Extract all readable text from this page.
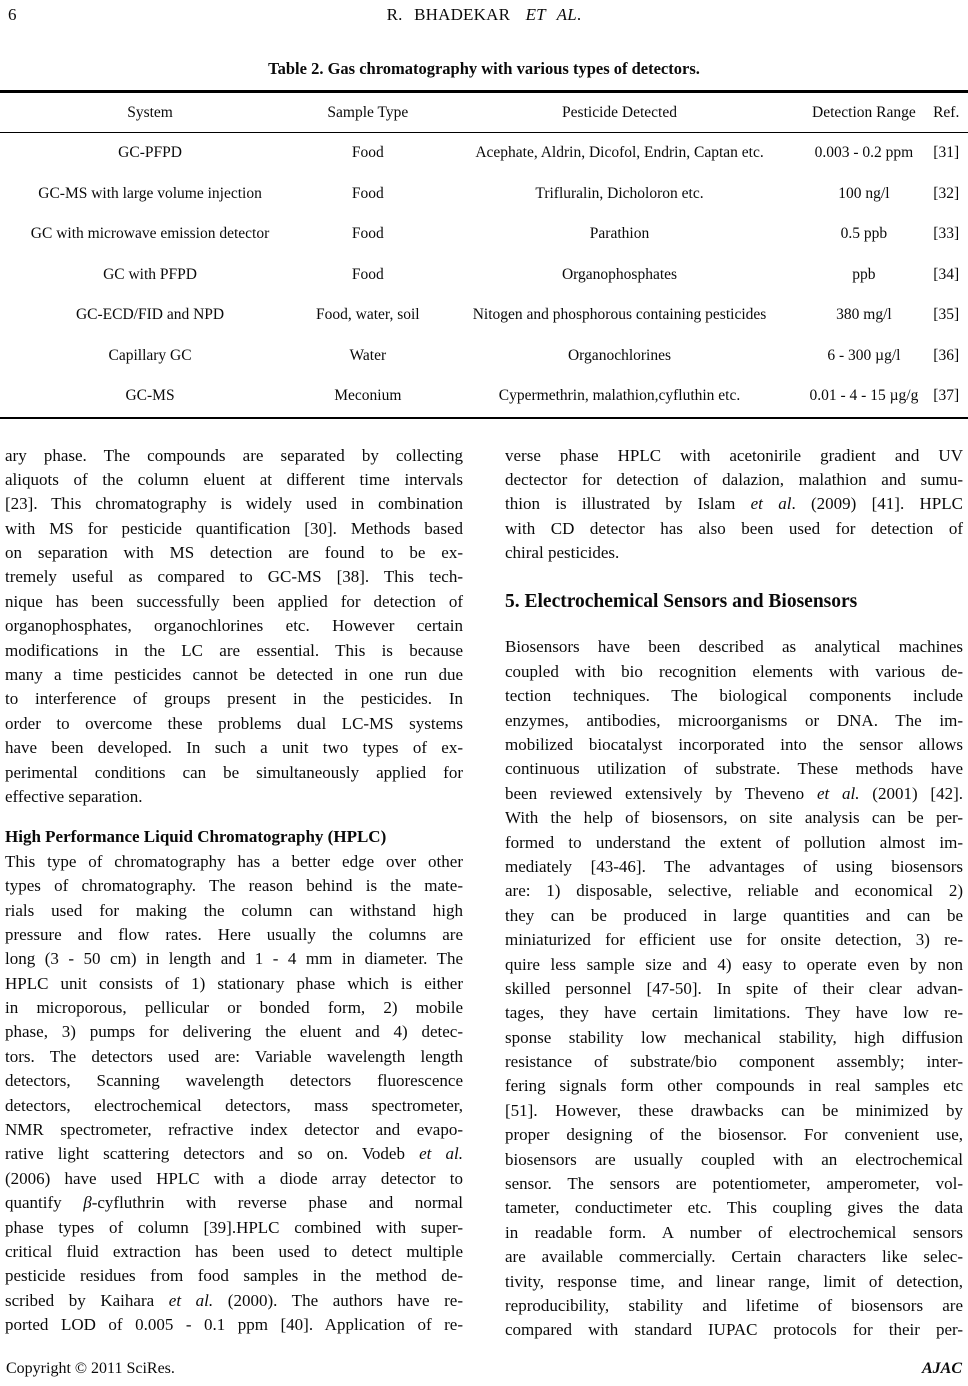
6	R. BHADEKAR ET AL.
Table 2. Gas chromatography with various types of detectors.
System	Sample Type	Pesticide Detected	Detection Range	Ref.
GC-PFPD	Food	Acephate, Aldrin, Dicofol, Endrin, Captan etc.	0.003 - 0.2 ppm	[31]
GC-MS with large volume injection	Food	Trifluralin, Dicholoron etc.	100 ng/l	[32]
GC with microwave emission detector	Food	Parathion	0.5 ppb	[33]
GC with PFPD	Food	Organophosphates	ppb	[34]
GC-ECD/FID and NPD	Food, water, soil	Nitogen and phosphorous containing pesticides	380 mg/l	[35]
Capillary GC	Water	Organochlorines	6 - 300 µg/l	[36]
GC-MS	Meconium	Cypermethrin, malathion,cyfluthin etc.	0.01 - 4 - 15 µg/g	[37]
ary phase. The compounds are separated by collecting
aliquots of the column eluent at different time intervals
[23]. This chromatography is widely used in combination
with MS for pesticide quantification [30]. Methods based
on separation with MS detection are found to be ex-
tremely useful as compared to GC-MS [38]. This tech-
nique has been successfully been applied for detection of
organophosphates, organochlorines etc. However certain
modifications in the LC are essential. This is because
many a time pesticides cannot be detected in one run due
to interference of groups present in the pesticides. In
order to overcome these problems dual LC-MS systems
have been developed. In such a unit two types of ex-
perimental conditions can be simultaneously applied for
effective separation.
High Performance Liquid Chromatography (HPLC)
This type of chromatography has a better edge over other
types of chromatography. The reason behind is the mate-
rials used for making the column can withstand high
pressure and flow rates. Here usually the columns are
long (3 - 50 cm) in length and 1 - 4 mm in diameter. The
HPLC unit consists of 1) stationary phase which is either
in microporous, pellicular or bonded form, 2) mobile
phase, 3) pumps for delivering the eluent and 4) detec-
tors. The detectors used are: Variable wavelength length
detectors, Scanning wavelength detectors fluorescence
detectors, electrochemical detectors, mass spectrometer,
NMR spectrometer, refractive index detector and evapo-
rative light scattering detectors and so on. Vodeb et al.
(2006) have used HPLC with a diode array detector to
quantify β-cyfluthrin with reverse phase and normal
phase types of column [39].HPLC combined with super-
critical fluid extraction has been used to detect multiple
pesticide residues from food samples in the method de-
scribed by Kaihara et al. (2000). The authors have re-
ported LOD of 0.005 - 0.1 ppm [40]. Application of re-
verse phase HPLC with acetonirile gradient and UV
dectector for detection of dalazion, malathion and sumu-
thion is illustrated by Islam et al. (2009) [41]. HPLC
with CD detector has also been used for detection of
chiral pesticides.
5. Electrochemical Sensors and Biosensors
Biosensors have been described as analytical machines
coupled with bio recognition elements with various de-
tection techniques. The biological components include
enzymes, antibodies, microorganisms or DNA. The im-
mobilized biocatalyst incorporated into the sensor allows
continuous utilization of substrate. These methods have
been reviewed extensively by Theveno et al. (2001) [42].
With the help of biosensors, on site analysis can be per-
formed to understand the extent of pollution almost im-
mediately [43-46]. The advantages of using biosensors
are: 1) disposable, selective, reliable and economical 2)
they can be produced in large quantities and can be
miniaturized for efficient use for onsite detection, 3) re-
quire less sample size and 4) easy to operate even by non
skilled personnel [47-50]. In spite of their clear advan-
tages, they have certain limitations. They have low re-
sponse stability low mechanical stability, high diffusion
resistance of substrate/bio component assembly; inter-
fering signals form other compounds in real samples etc
[51]. However, these drawbacks can be minimized by
proper designing of the biosensor. For convenient use,
biosensors are usually coupled with an electrochemical
sensor. The sensors are potentiometer, amperometer, vol-
tameter, conductimeter etc. This coupling gives the data
in readable form. A number of electrochemical sensors
are available commercially. Certain characters like selec-
tivity, response time, and linear range, limit of detection,
reproducibility, stability and lifetime of biosensors are
compared with standard IUPAC protocols for their per-
Copyright © 2011 SciRes.	AJAC
